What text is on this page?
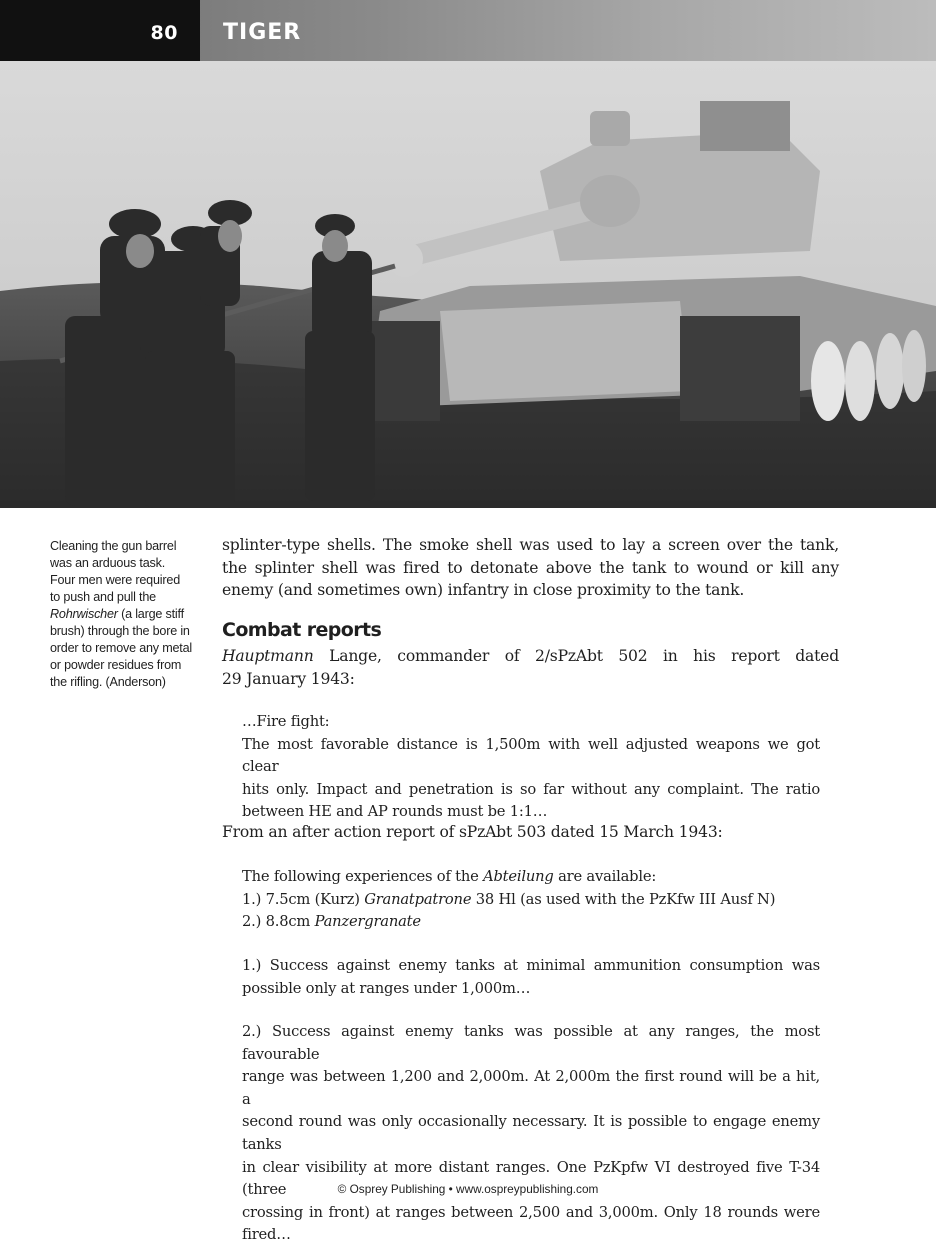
80 TIGER
Cleaning the gun barrel
was an arduous task.
Four men were required
to push and pull the
Rohrwischer (a large stiff
brush) through the bore in
order to remove any metal
or powder residues from
the rifling. (Anderson)
splinter-type shells. The smoke shell was used to lay a screen over the tank,
the splinter shell was fired to detonate above the tank to wound or kill any
enemy (and sometimes own) infantry in close proximity to the tank.
Combat reports
Hauptmann Lange, commander of 2/sPzAbt 502 in his report dated
29 January 1943:
…Fire fight:
The most favorable distance is 1,500m with well adjusted weapons we got clear
hits only. Impact and penetration is so far without any complaint. The ratio
between HE and AP rounds must be 1:1…
From an after action report of sPzAbt 503 dated 15 March 1943:
The following experiences of the Abteilung are available:
1.) 7.5cm (Kurz) Granatpatrone 38 Hl (as used with the PzKfw III Ausf N)
2.) 8.8cm Panzergranate
1.) Success against enemy tanks at minimal ammunition consumption was
possible only at ranges under 1,000m…
2.) Success against enemy tanks was possible at any ranges, the most favourable
range was between 1,200 and 2,000m. At 2,000m the first round will be a hit, a
second round was only occasionally necessary. It is possible to engage enemy tanks
in clear visibility at more distant ranges. One PzKpfw VI destroyed five T-34 (three
crossing in front) at ranges between 2,500 and 3,000m. Only 18 rounds were fired…
© Osprey Publishing • www.ospreypublishing.com
